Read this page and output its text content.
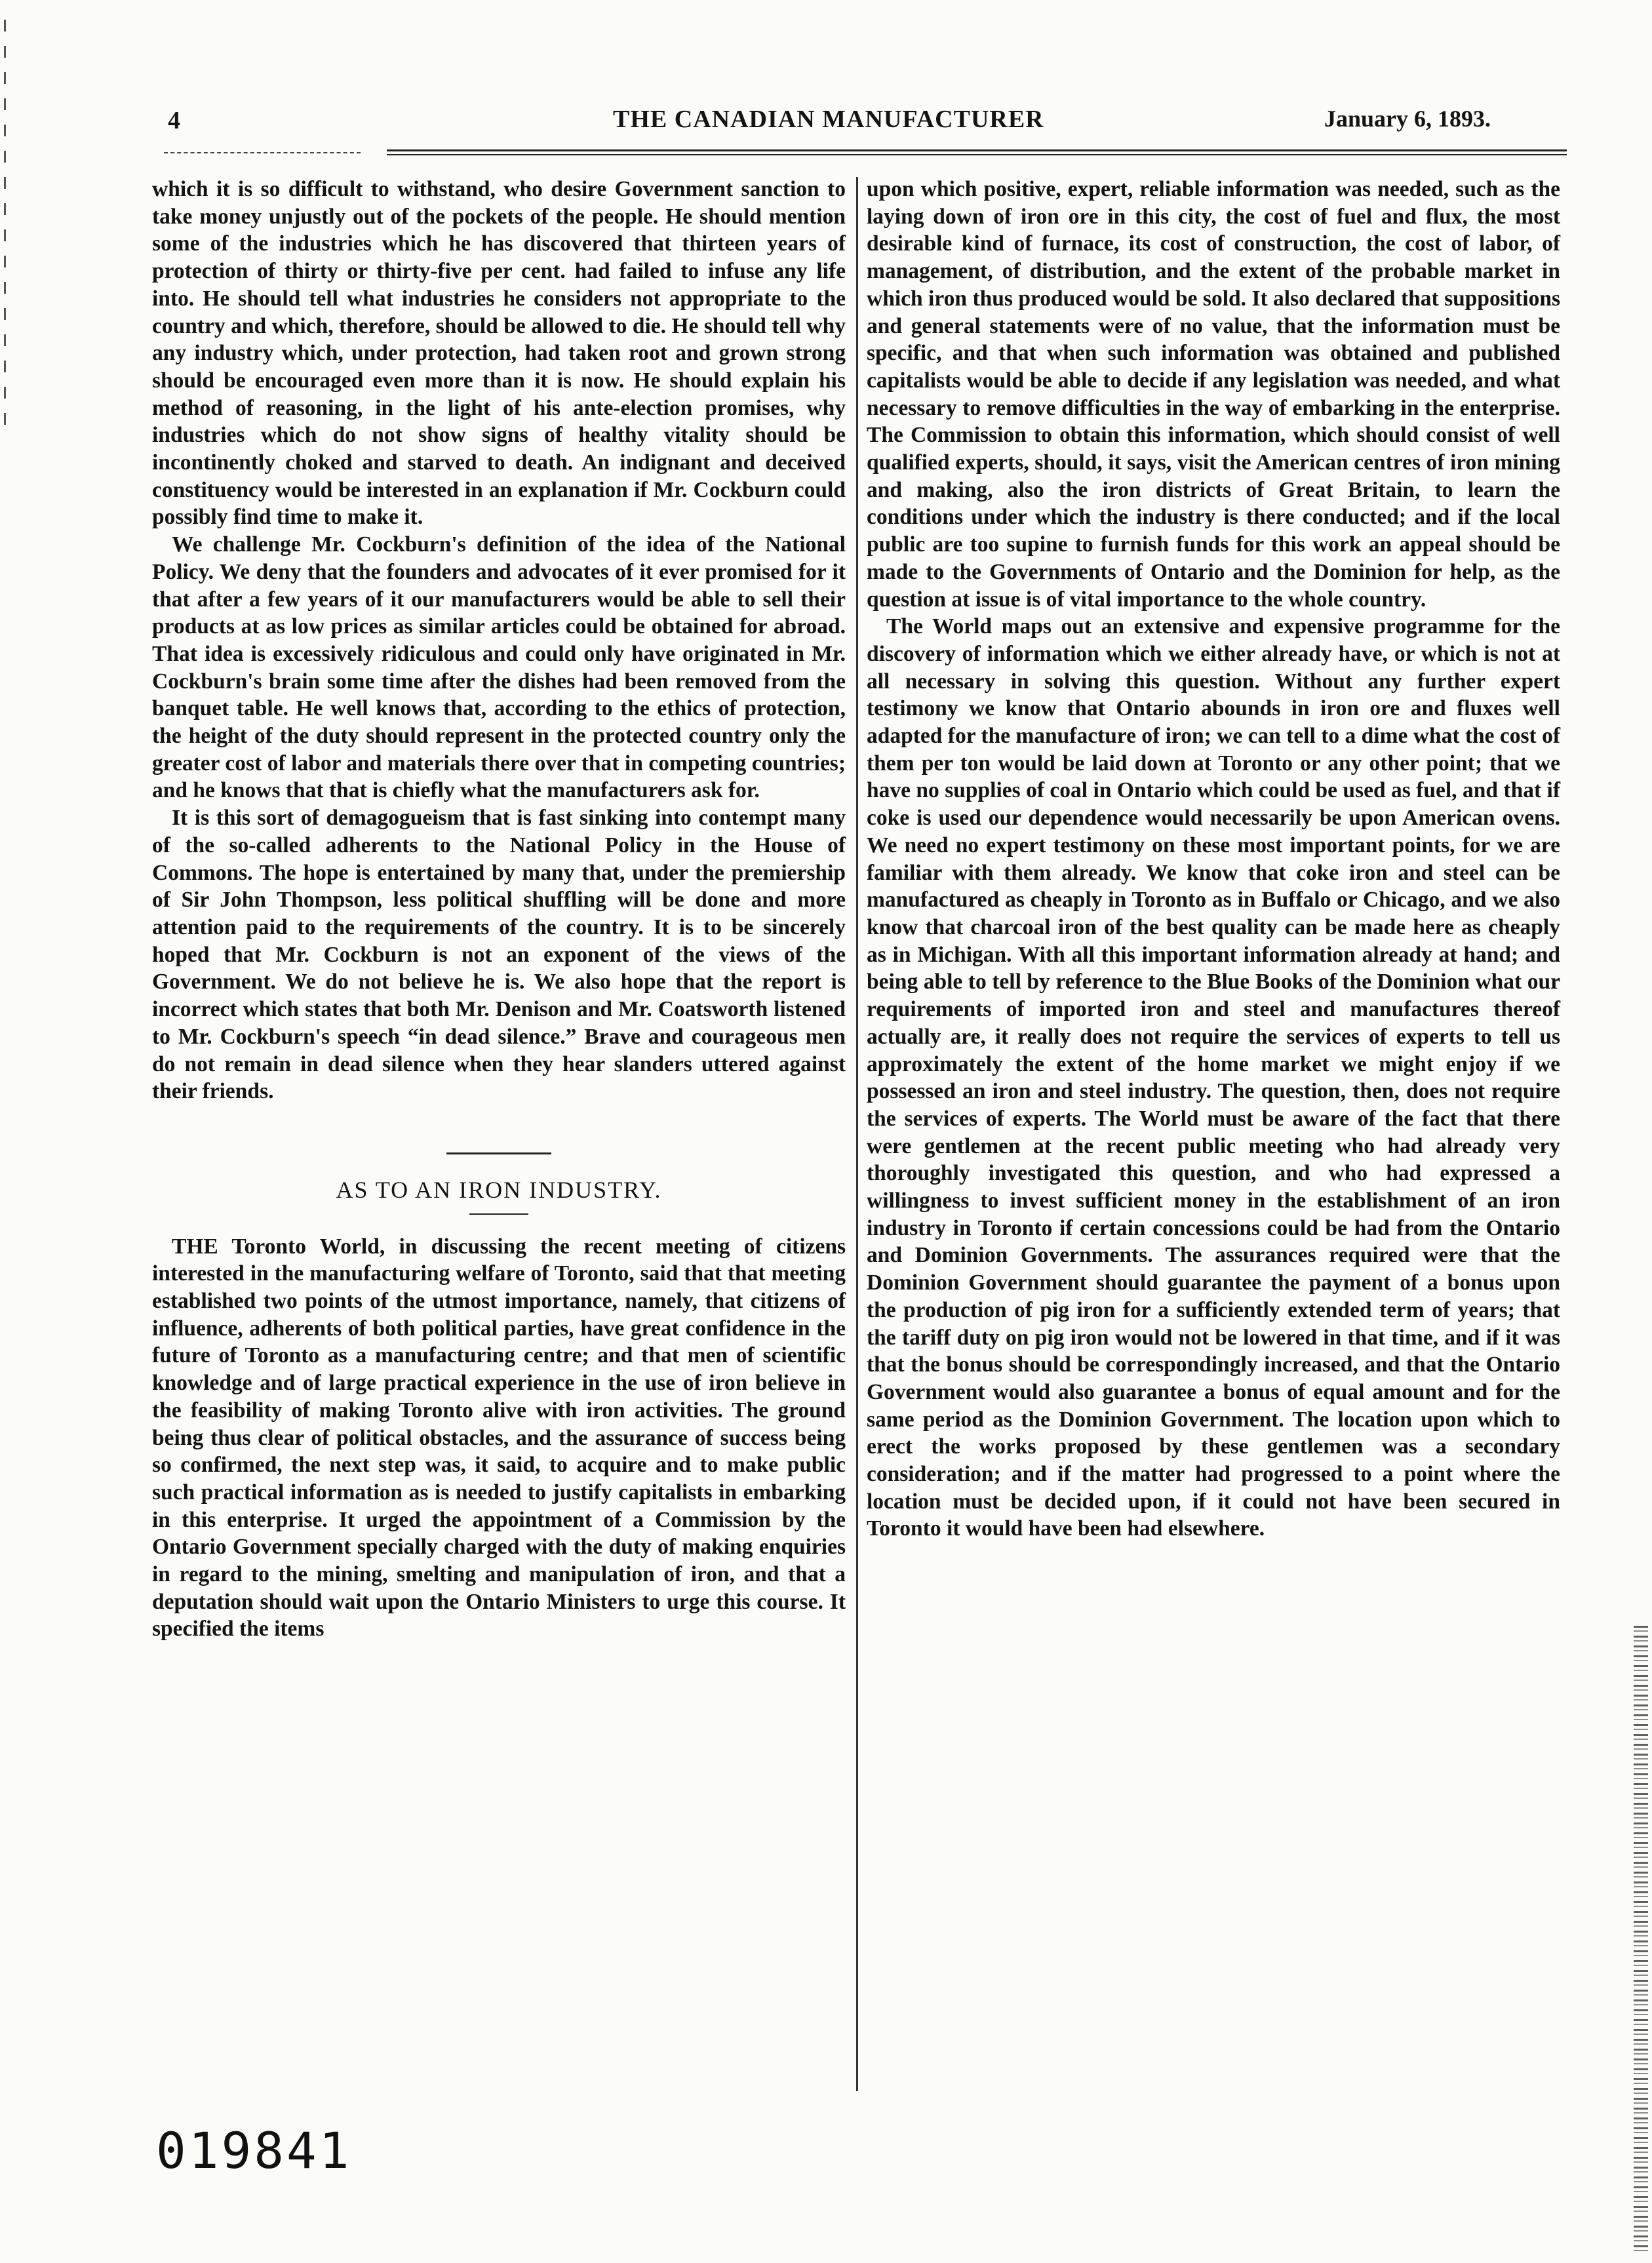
4	THE CANADIAN MANUFACTURER	January 6, 1893.

which it is so difficult to withstand, who desire Government sanction to take money unjustly out of the pockets of the people. He should mention some of the industries which he has discovered that thirteen years of protection of thirty or thirty-five per cent. had failed to infuse any life into. He should tell what industries he considers not appropriate to the country and which, therefore, should be allowed to die. He should tell why any industry which, under protection, had taken root and grown strong should be encouraged even more than it is now. He should explain his method of reasoning, in the light of his ante-election promises, why industries which do not show signs of healthy vitality should be incontinently choked and starved to death. An indignant and deceived constituency would be interested in an explanation if Mr. Cockburn could possibly find time to make it.

We challenge Mr. Cockburn's definition of the idea of the National Policy. We deny that the founders and advocates of it ever promised for it that after a few years of it our manufacturers would be able to sell their products at as low prices as similar articles could be obtained for abroad. That idea is excessively ridiculous and could only have originated in Mr. Cockburn's brain some time after the dishes had been removed from the banquet table. He well knows that, according to the ethics of protection, the height of the duty should represent in the protected country only the greater cost of labor and materials there over that in competing countries; and he knows that that is chiefly what the manufacturers ask for.

It is this sort of demagogueism that is fast sinking into contempt many of the so-called adherents to the National Policy in the House of Commons. The hope is entertained by many that, under the premiership of Sir John Thompson, less political shuffling will be done and more attention paid to the requirements of the country. It is to be sincerely hoped that Mr. Cockburn is not an exponent of the views of the Government. We do not believe he is. We also hope that the report is incorrect which states that both Mr. Denison and Mr. Coatsworth listened to Mr. Cockburn's speech “in dead silence.” Brave and courageous men do not remain in dead silence when they hear slanders uttered against their friends.

AS TO AN IRON INDUSTRY.

THE Toronto World, in discussing the recent meeting of citizens interested in the manufacturing welfare of Toronto, said that that meeting established two points of the utmost importance, namely, that citizens of influence, adherents of both political parties, have great confidence in the future of Toronto as a manufacturing centre; and that men of scientific knowledge and of large practical experience in the use of iron believe in the feasibility of making Toronto alive with iron activities. The ground being thus clear of political obstacles, and the assurance of success being so confirmed, the next step was, it said, to acquire and to make public such practical information as is needed to justify capitalists in embarking in this enterprise. It urged the appointment of a Commission by the Ontario Government specially charged with the duty of making enquiries in regard to the mining, smelting and manipulation of iron, and that a deputation should wait upon the Ontario Ministers to urge this course. It specified the items

upon which positive, expert, reliable information was needed, such as the laying down of iron ore in this city, the cost of fuel and flux, the most desirable kind of furnace, its cost of construction, the cost of labor, of management, of distribution, and the extent of the probable market in which iron thus produced would be sold. It also declared that suppositions and general statements were of no value, that the information must be specific, and that when such information was obtained and published capitalists would be able to decide if any legislation was needed, and what necessary to remove difficulties in the way of embarking in the enterprise. The Commission to obtain this information, which should consist of well qualified experts, should, it says, visit the American centres of iron mining and making, also the iron districts of Great Britain, to learn the conditions under which the industry is there conducted; and if the local public are too supine to furnish funds for this work an appeal should be made to the Governments of Ontario and the Dominion for help, as the question at issue is of vital importance to the whole country.

The World maps out an extensive and expensive programme for the discovery of information which we either already have, or which is not at all necessary in solving this question. Without any further expert testimony we know that Ontario abounds in iron ore and fluxes well adapted for the manufacture of iron; we can tell to a dime what the cost of them per ton would be laid down at Toronto or any other point; that we have no supplies of coal in Ontario which could be used as fuel, and that if coke is used our dependence would necessarily be upon American ovens. We need no expert testimony on these most important points, for we are familiar with them already. We know that coke iron and steel can be manufactured as cheaply in Toronto as in Buffalo or Chicago, and we also know that charcoal iron of the best quality can be made here as cheaply as in Michigan. With all this important information already at hand; and being able to tell by reference to the Blue Books of the Dominion what our requirements of imported iron and steel and manufactures thereof actually are, it really does not require the services of experts to tell us approximately the extent of the home market we might enjoy if we possessed an iron and steel industry. The question, then, does not require the services of experts. The World must be aware of the fact that there were gentlemen at the recent public meeting who had already very thoroughly investigated this question, and who had expressed a willingness to invest sufficient money in the establishment of an iron industry in Toronto if certain concessions could be had from the Ontario and Dominion Governments. The assurances required were that the Dominion Government should guarantee the payment of a bonus upon the production of pig iron for a sufficiently extended term of years; that the tariff duty on pig iron would not be lowered in that time, and if it was that the bonus should be correspondingly increased, and that the Ontario Government would also guarantee a bonus of equal amount and for the same period as the Dominion Government. The location upon which to erect the works proposed by these gentlemen was a secondary consideration; and if the matter had progressed to a point where the location must be decided upon, if it could not have been secured in Toronto it would have been had elsewhere.

019841
